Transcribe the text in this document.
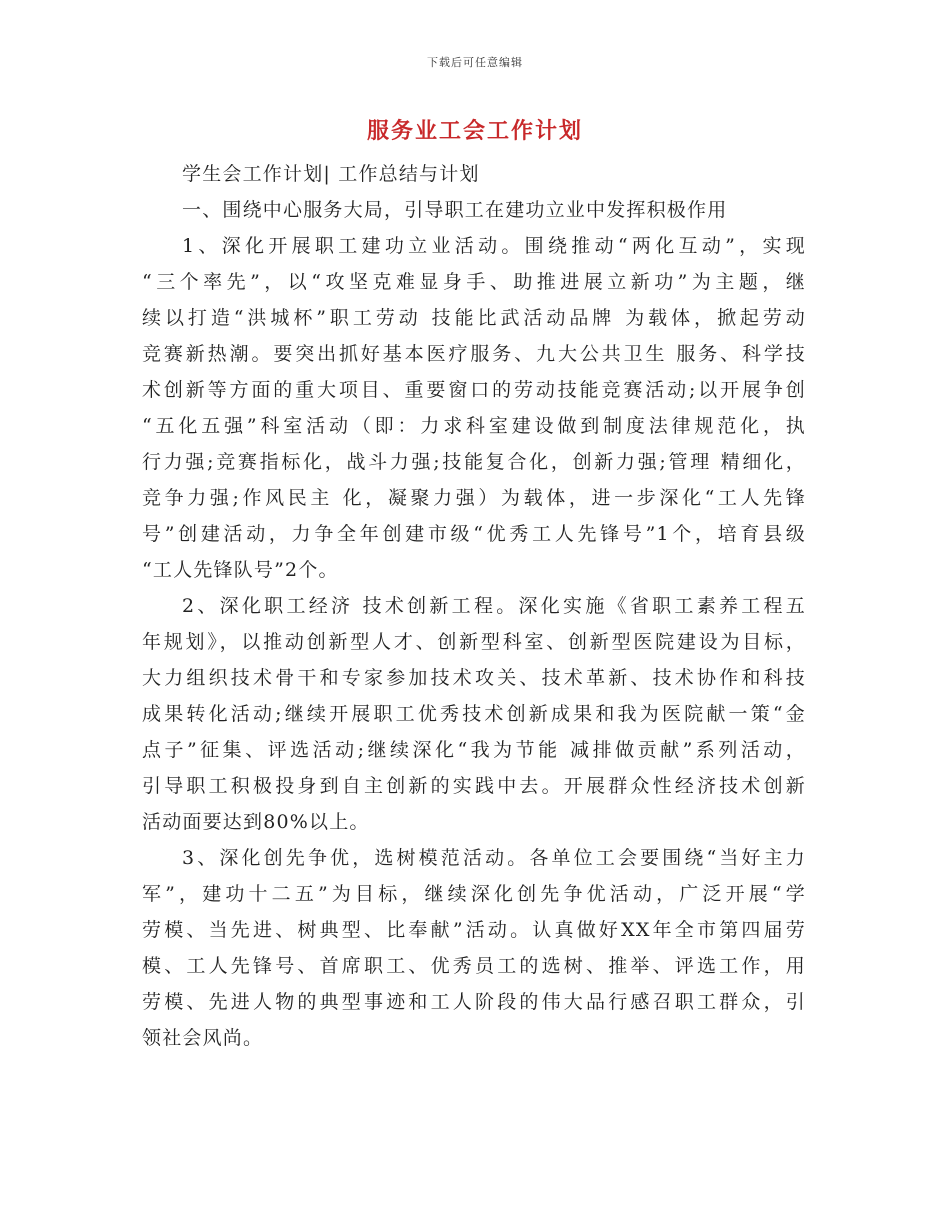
下载后可任意编辑
服务业工会工作计划
学生会工作计划| 工作总结与计划
一、围绕中心服务大局，引导职工在建功立业中发挥积极作用
1、深化开展职工建功立业活动。围绕推动“两化互动”，实现
“三个率先”，以“攻坚克难显身手、助推进展立新功”为主题，继
续以打造“洪城杯”职工劳动 技能比武活动品牌 为载体，掀起劳动
竞赛新热潮。要突出抓好基本医疗服务、九大公共卫生 服务、科学技
术创新等方面的重大项目、重要窗口的劳动技能竞赛活动;以开展争创
“五化五强”科室活动（即：力求科室建设做到制度法律规范化，执
行力强;竞赛指标化，战斗力强;技能复合化，创新力强;管理 精细化，
竞争力强;作风民主 化，凝聚力强）为载体，进一步深化“工人先锋
号”创建活动，力争全年创建市级“优秀工人先锋号”1个，培育县级
“工人先锋队号”2个。
2、深化职工经济 技术创新工程。深化实施《省职工素养工程五
年规划》，以推动创新型人才、创新型科室、创新型医院建设为目标，
大力组织技术骨干和专家参加技术攻关、技术革新、技术协作和科技
成果转化活动;继续开展职工优秀技术创新成果和我为医院献一策“金
点子”征集、评选活动;继续深化“我为节能 减排做贡献”系列活动，
引导职工积极投身到自主创新的实践中去。开展群众性经济技术创新
活动面要达到80%以上。
3、深化创先争优，选树模范活动。各单位工会要围绕“当好主力
军”，建功十二五”为目标，继续深化创先争优活动，广泛开展“学
劳模、当先进、树典型、比奉献”活动。认真做好XX年全市第四届劳
模、工人先锋号、首席职工、优秀员工的选树、推举、评选工作，用
劳模、先进人物的典型事迹和工人阶段的伟大品行感召职工群众，引
领社会风尚。
